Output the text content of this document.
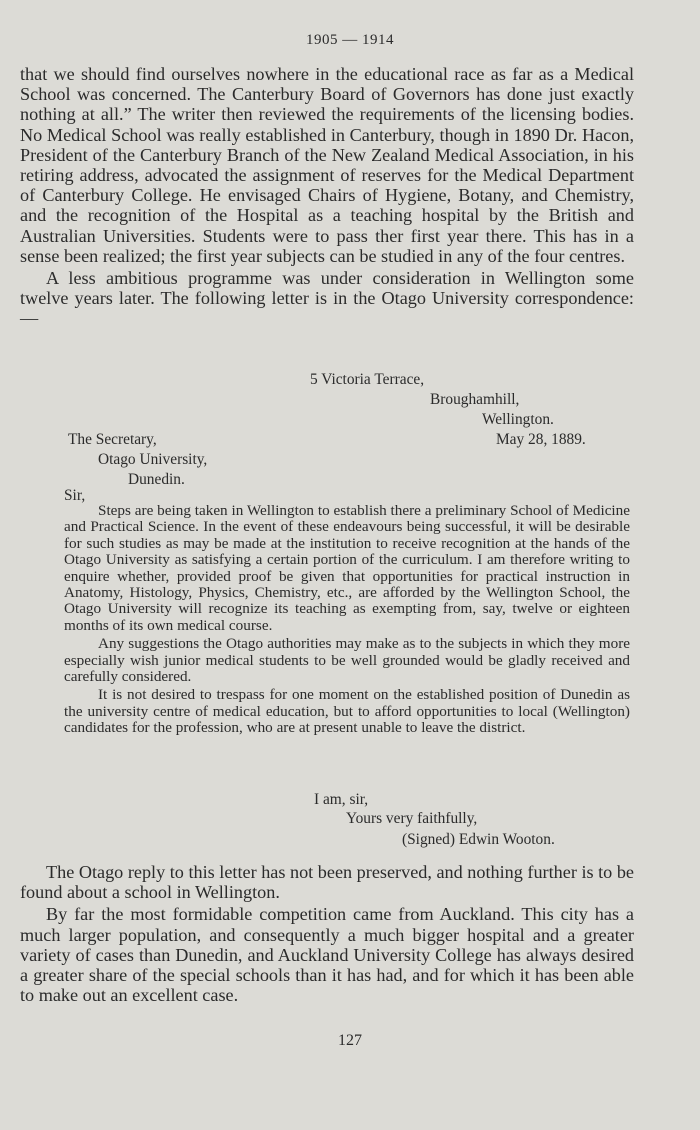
1905 — 1914

that we should find ourselves nowhere in the educational race as far as a Medical School was concerned. The Canterbury Board of Governors has done just exactly nothing at all.” The writer then reviewed the requirements of the licensing bodies. No Medical School was really established in Canterbury, though in 1890 Dr. Hacon, President of the Canterbury Branch of the New Zealand Medical Association, in his retiring address, advocated the assignment of reserves for the Medical Department of Canterbury College. He envisaged Chairs of Hygiene, Botany, and Chemistry, and the recognition of the Hospital as a teaching hospital by the British and Australian Universities. Students were to pass ther first year there. This has in a sense been realized; the first year subjects can be studied in any of the four centres.

A less ambitious programme was under consideration in Wellington some twelve years later. The following letter is in the Otago University correspondence:—

5 Victoria Terrace,
Broughamhill,
Wellington.
May 28, 1889.
The Secretary,
Otago University,
Dunedin.
Sir,

Steps are being taken in Wellington to establish there a preliminary School of Medicine and Practical Science. In the event of these endeavours being successful, it will be desirable for such studies as may be made at the institution to receive recognition at the hands of the Otago University as satisfying a certain portion of the curriculum. I am therefore writing to enquire whether, provided proof be given that opportunities for practical instruction in Anatomy, Histology, Physics, Chemistry, etc., are afforded by the Wellington School, the Otago University will recognize its teaching as exempting from, say, twelve or eighteen months of its own medical course.

Any suggestions the Otago authorities may make as to the subjects in which they more especially wish junior medical students to be well grounded would be gladly received and carefully considered.

It is not desired to trespass for one moment on the established position of Dunedin as the university centre of medical education, but to afford opportunities to local (Wellington) candidates for the profession, who are at present unable to leave the district.

I am, sir,
Yours very faithfully,
(Signed) Edwin Wooton.

The Otago reply to this letter has not been preserved, and nothing further is to be found about a school in Wellington.

By far the most formidable competition came from Auckland. This city has a much larger population, and consequently a much bigger hospital and a greater variety of cases than Dunedin, and Auckland University College has always desired a greater share of the special schools than it has had, and for which it has been able to make out an excellent case.

127
